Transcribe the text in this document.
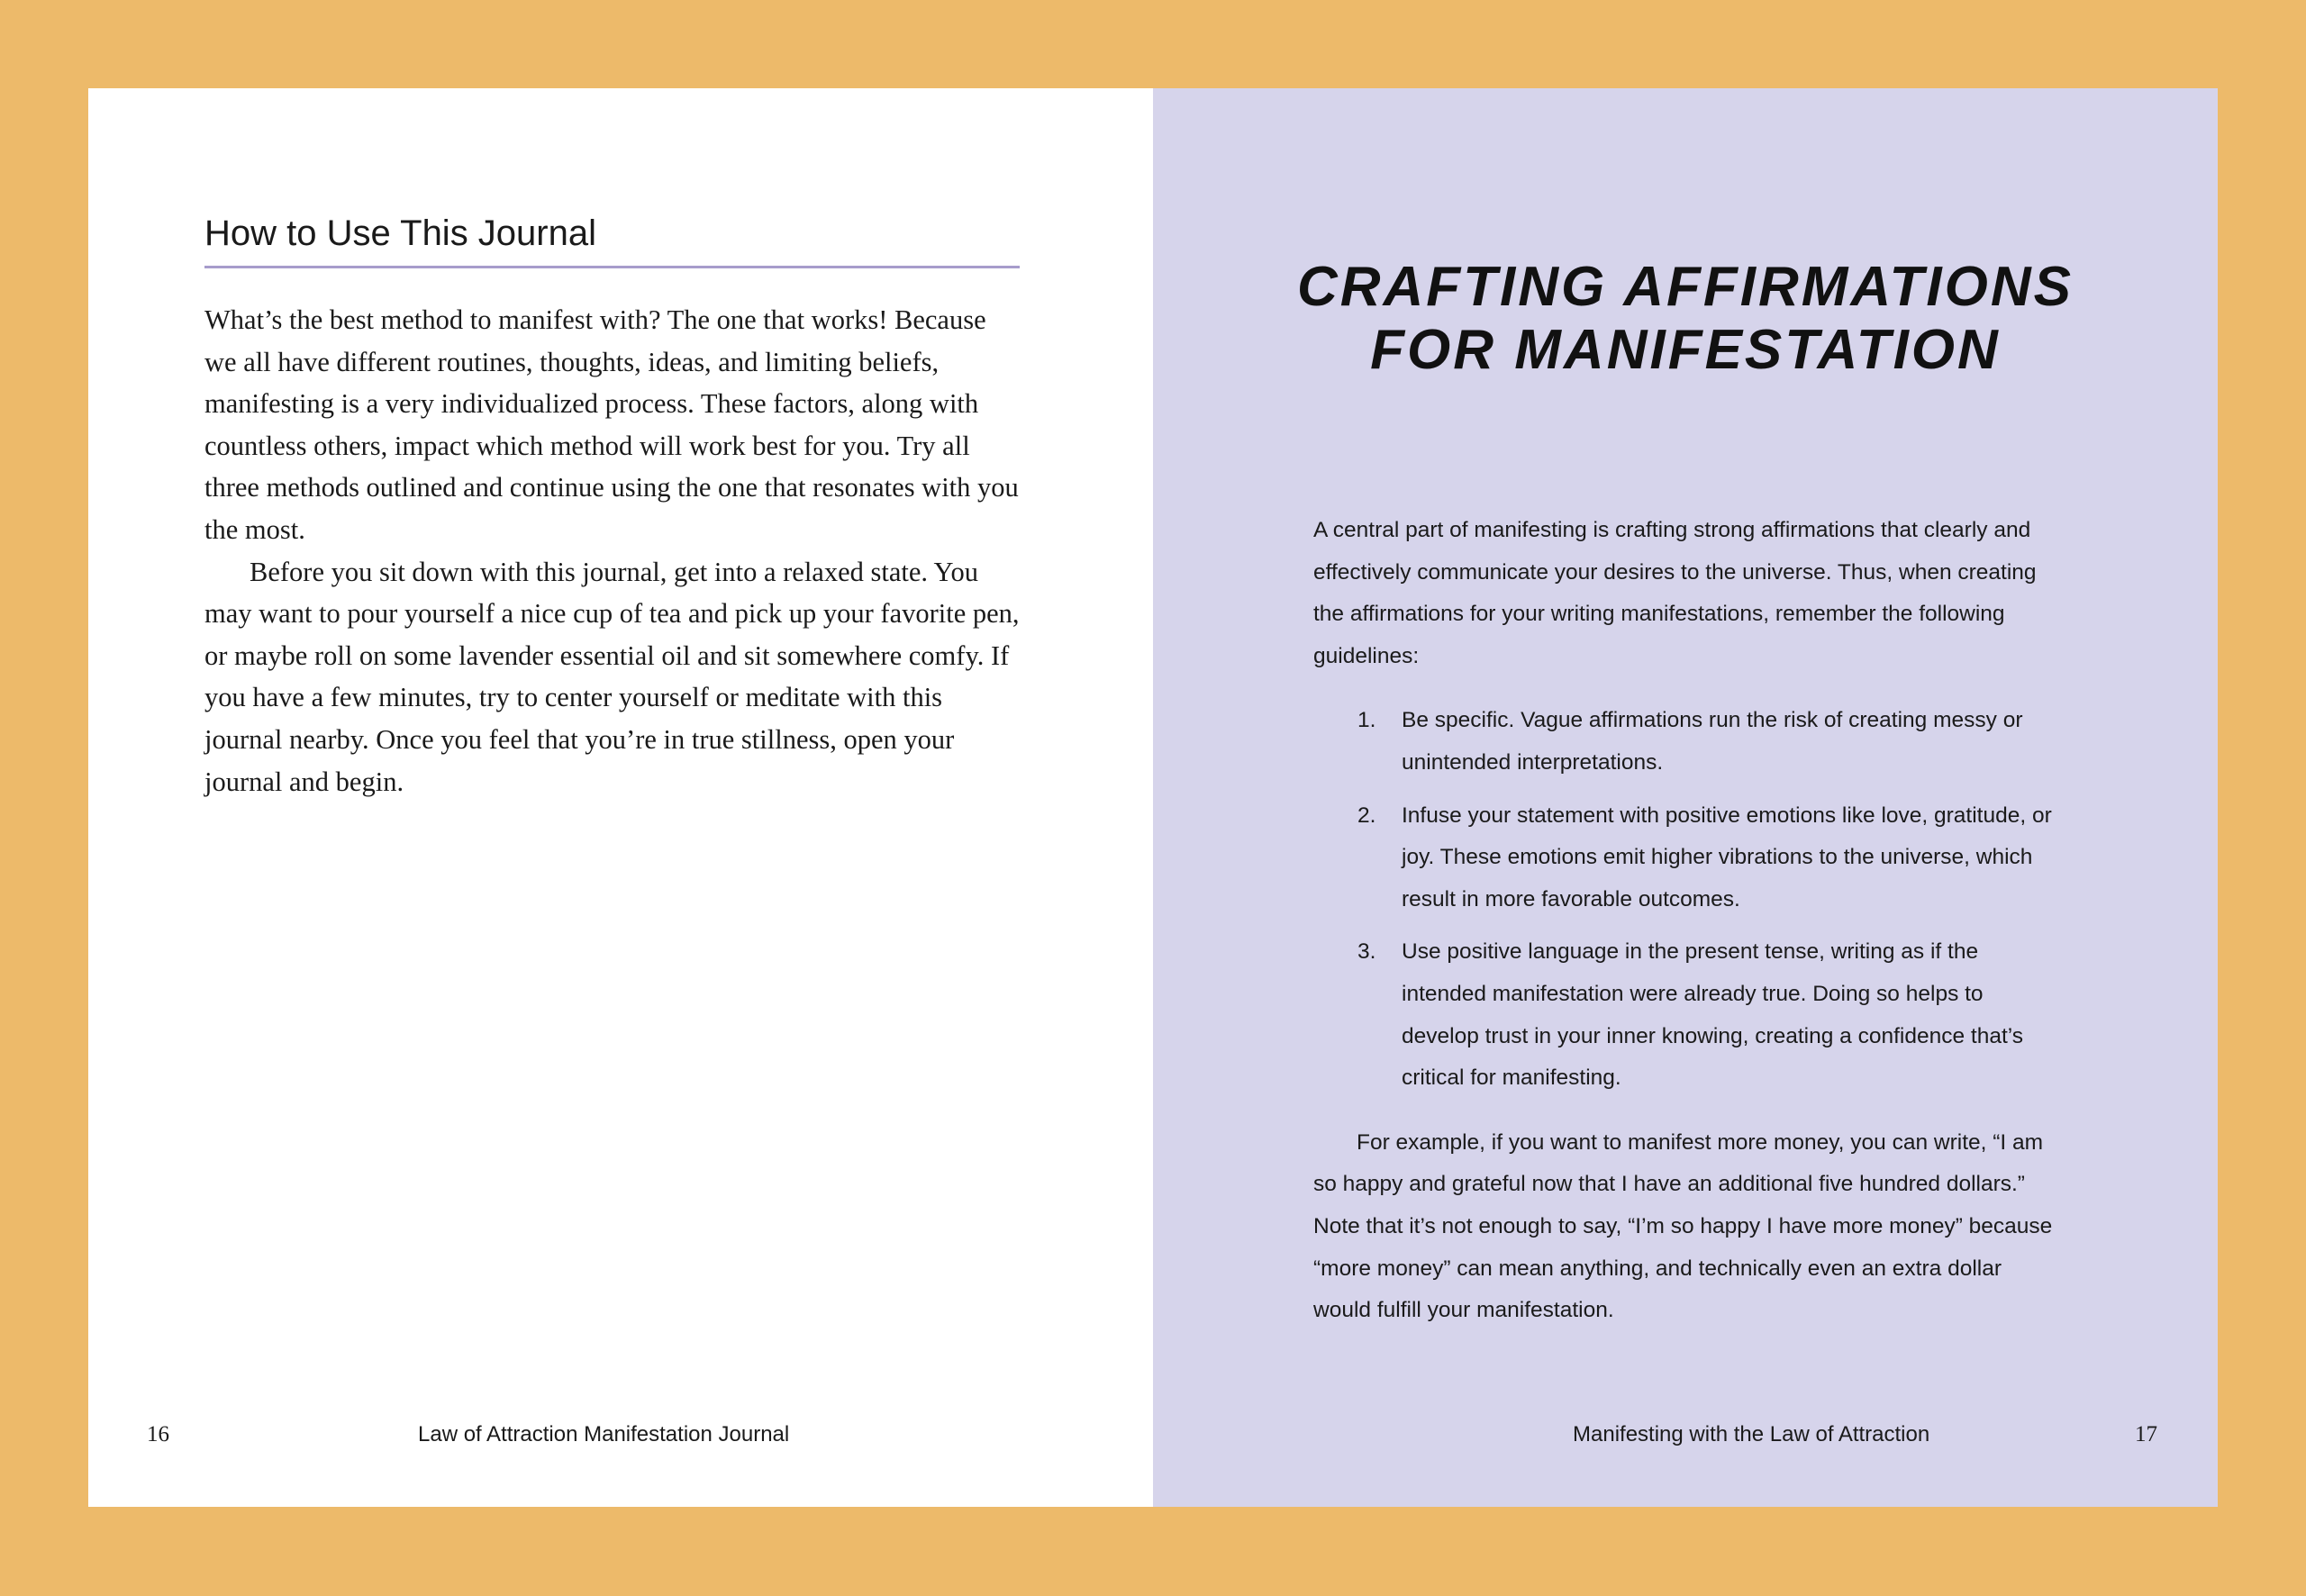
How to Use This Journal

What’s the best method to manifest with? The one that works! Because we all have different routines, thoughts, ideas, and limiting beliefs, manifesting is a very individualized process. These factors, along with countless others, impact which method will work best for you. Try all three methods outlined and continue using the one that resonates with you the most.

Before you sit down with this journal, get into a relaxed state. You may want to pour yourself a nice cup of tea and pick up your favorite pen, or maybe roll on some lavender essential oil and sit somewhere comfy. If you have a few minutes, try to center yourself or meditate with this journal nearby. Once you feel that you’re in true stillness, open your journal and begin.

16	Law of Attraction Manifestation Journal
CRAFTING AFFIRMATIONS
FOR MANIFESTATION

A central part of manifesting is crafting strong affirmations that clearly and effectively communicate your desires to the universe. Thus, when creating the affirmations for your writing manifestations, remember the following guidelines:

1. Be specific. Vague affirmations run the risk of creating messy or unintended interpretations.
2. Infuse your statement with positive emotions like love, gratitude, or joy. These emotions emit higher vibrations to the universe, which result in more favorable outcomes.
3. Use positive language in the present tense, writing as if the intended manifestation were already true. Doing so helps to develop trust in your inner knowing, creating a confidence that’s critical for manifesting.

For example, if you want to manifest more money, you can write, “I am so happy and grateful now that I have an additional five hundred dollars.” Note that it’s not enough to say, “I’m so happy I have more money” because “more money” can mean anything, and technically even an extra dollar would fulfill your manifestation.

Manifesting with the Law of Attraction	17
